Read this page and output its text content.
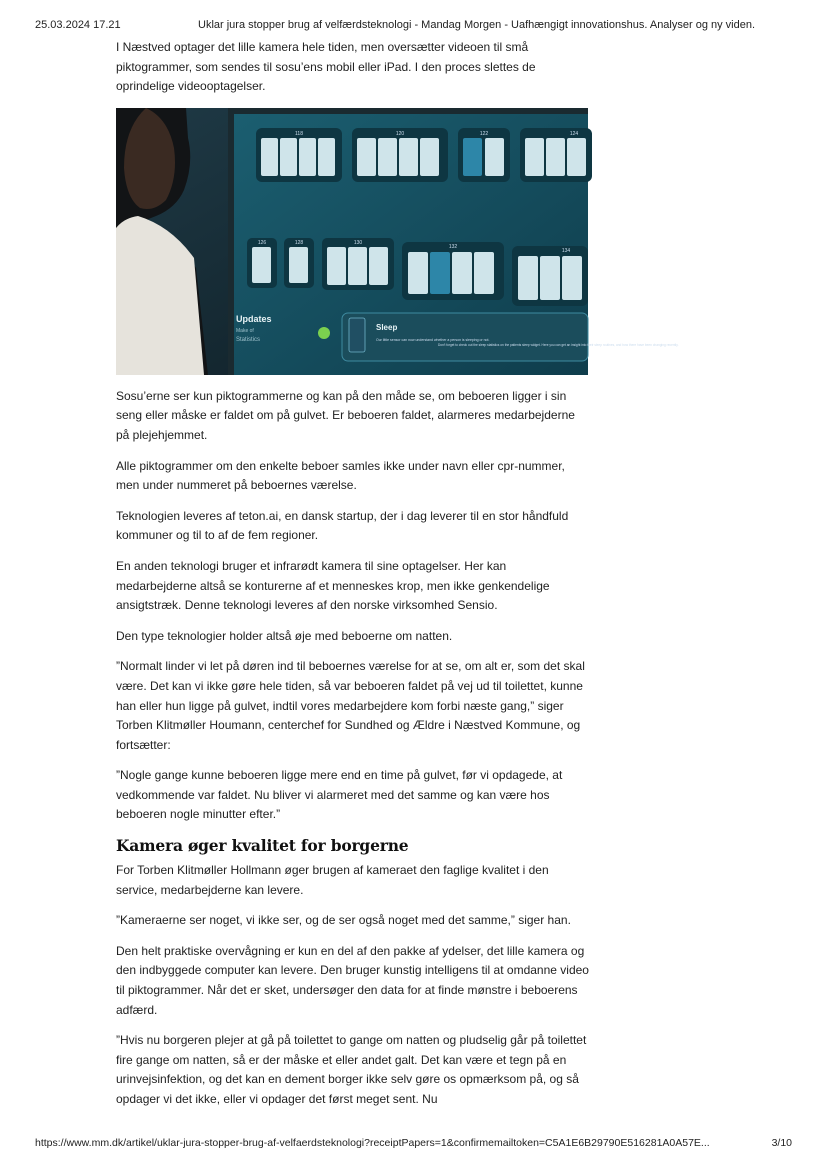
25.03.2024 17.21	Uklar jura stopper brug af velfærdsteknologi - Mandag Morgen - Uafhængigt innovationshus. Analyser og ny viden.

I Næstved optager det lille kamera hele tiden, men oversætter videoen til små piktogrammer, som sendes til sosu’ens mobil eller iPad. I den proces slettes de oprindelige videooptagelser.

118	120	122	124
126	128	130
132
134
Updates
Make of
Statistics
Sleep
Our little sensor can now understand whether a person is sleeping or not.
Don't forget to check out the sleep statistics on the patients sleep widget. Here you can get an insight into their sleep routines, and how there have been changing recently.

Sosu’erne ser kun piktogrammerne og kan på den måde se, om beboeren ligger i sin seng eller måske er faldet om på gulvet. Er beboeren faldet, alarmeres medarbejderne på plejehjemmet.

Alle piktogrammer om den enkelte beboer samles ikke under navn eller cpr-nummer, men under nummeret på beboernes værelse.

Teknologien leveres af teton.ai, en dansk startup, der i dag leverer til en stor håndfuld kommuner og til to af de fem regioner.

En anden teknologi bruger et infrarødt kamera til sine optagelser. Her kan medarbejderne altså se konturerne af et menneskes krop, men ikke genkendelige ansigtstræk. Denne teknologi leveres af den norske virksomhed Sensio.

Den type teknologier holder altså øje med beboerne om natten.

”Normalt linder vi let på døren ind til beboernes værelse for at se, om alt er, som det skal være. Det kan vi ikke gøre hele tiden, så var beboeren faldet på vej ud til toilettet, kunne han eller hun ligge på gulvet, indtil vores medarbejdere kom forbi næste gang,” siger Torben Klitmøller Houmann, centerchef for Sundhed og Ældre i Næstved Kommune, og fortsætter:

”Nogle gange kunne beboeren ligge mere end en time på gulvet, før vi opdagede, at vedkommende var faldet. Nu bliver vi alarmeret med det samme og kan være hos beboeren nogle minutter efter.”

Kamera øger kvalitet for borgerne

For Torben Klitmøller Hollmann øger brugen af kameraet den faglige kvalitet i den service, medarbejderne kan levere.

”Kameraerne ser noget, vi ikke ser, og de ser også noget med det samme,” siger han.

Den helt praktiske overvågning er kun en del af den pakke af ydelser, det lille kamera og den indbyggede computer kan levere. Den bruger kunstig intelligens til at omdanne video til piktogrammer. Når det er sket, undersøger den data for at finde mønstre i beboerens adfærd.

”Hvis nu borgeren plejer at gå på toilettet to gange om natten og pludselig går på toilettet fire gange om natten, så er der måske et eller andet galt. Det kan være et tegn på en urinvejsinfektion, og det kan en dement borger ikke selv gøre os opmærksom på, og så opdager vi det ikke, eller vi opdager det først meget sent. Nu

https://www.mm.dk/artikel/uklar-jura-stopper-brug-af-velfaerdsteknologi?receiptPapers=1&confirmemailtoken=C5A1E6B29790E516281A0A57E...	3/10
